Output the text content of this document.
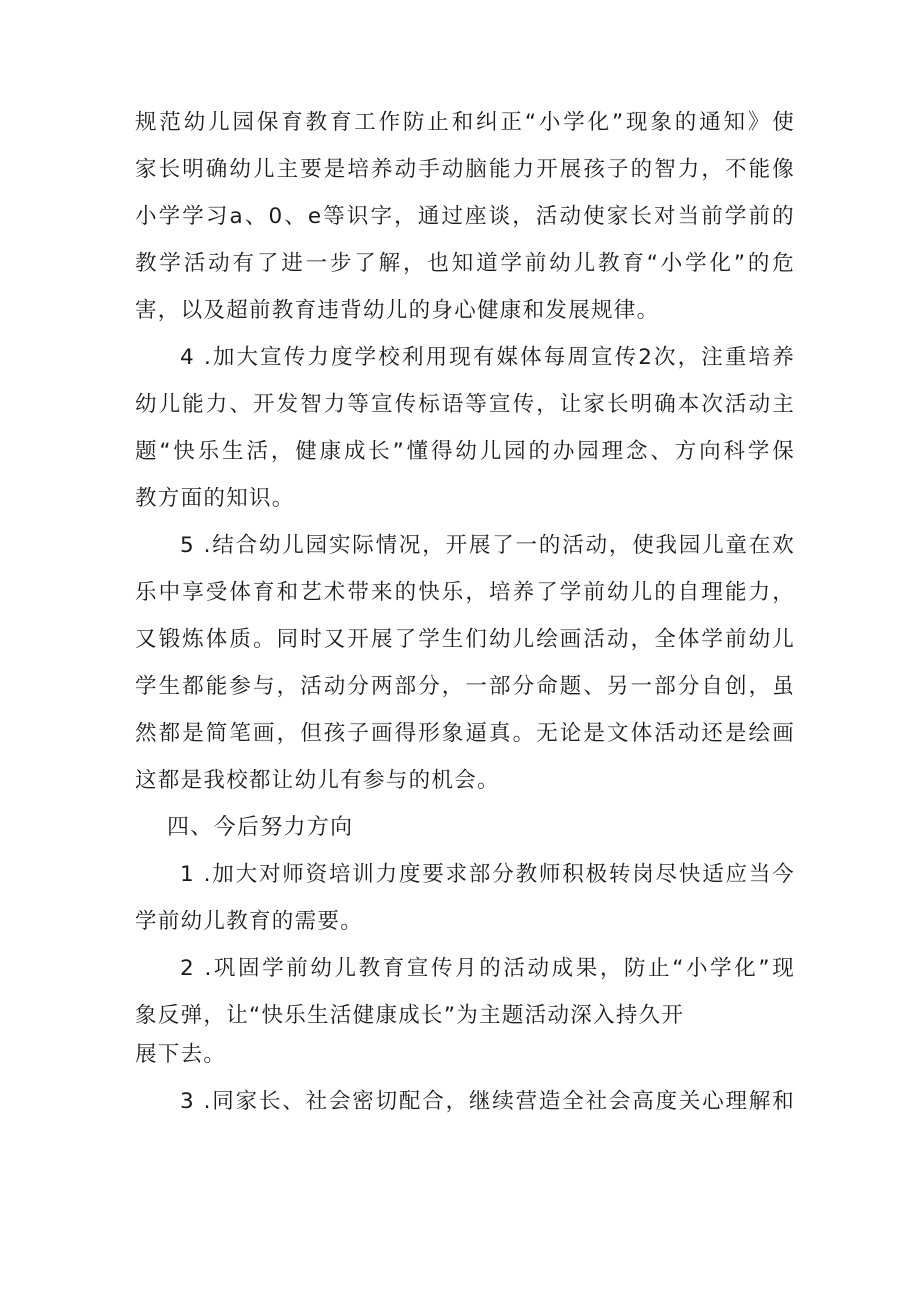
规范幼儿园保育教育工作防止和纠正“小学化”现象的通知》使
家长明确幼儿主要是培养动手动脑能力开展孩子的智力，不能像
小学学习a、0、e等识字，通过座谈，活动使家长对当前学前的
教学活动有了进一步了解，也知道学前幼儿教育“小学化”的危
害，以及超前教育违背幼儿的身心健康和发展规律。
4 .加大宣传力度学校利用现有媒体每周宣传2次，注重培养
幼儿能力、开发智力等宣传标语等宣传，让家长明确本次活动主
题“快乐生活，健康成长”懂得幼儿园的办园理念、方向科学保
教方面的知识。
5 .结合幼儿园实际情况，开展了一的活动，使我园儿童在欢
乐中享受体育和艺术带来的快乐，培养了学前幼儿的自理能力，
又锻炼体质。同时又开展了学生们幼儿绘画活动，全体学前幼儿
学生都能参与，活动分两部分，一部分命题、另一部分自创，虽
然都是简笔画，但孩子画得形象逼真。无论是文体活动还是绘画
这都是我校都让幼儿有参与的机会。
四、今后努力方向
1 .加大对师资培训力度要求部分教师积极转岗尽快适应当今
学前幼儿教育的需要。
2 .巩固学前幼儿教育宣传月的活动成果，防止“小学化”现
象反弹，让“快乐生活健康成长”为主题活动深入持久开
展下去。
3 .同家长、社会密切配合，继续营造全社会高度关心理解和
